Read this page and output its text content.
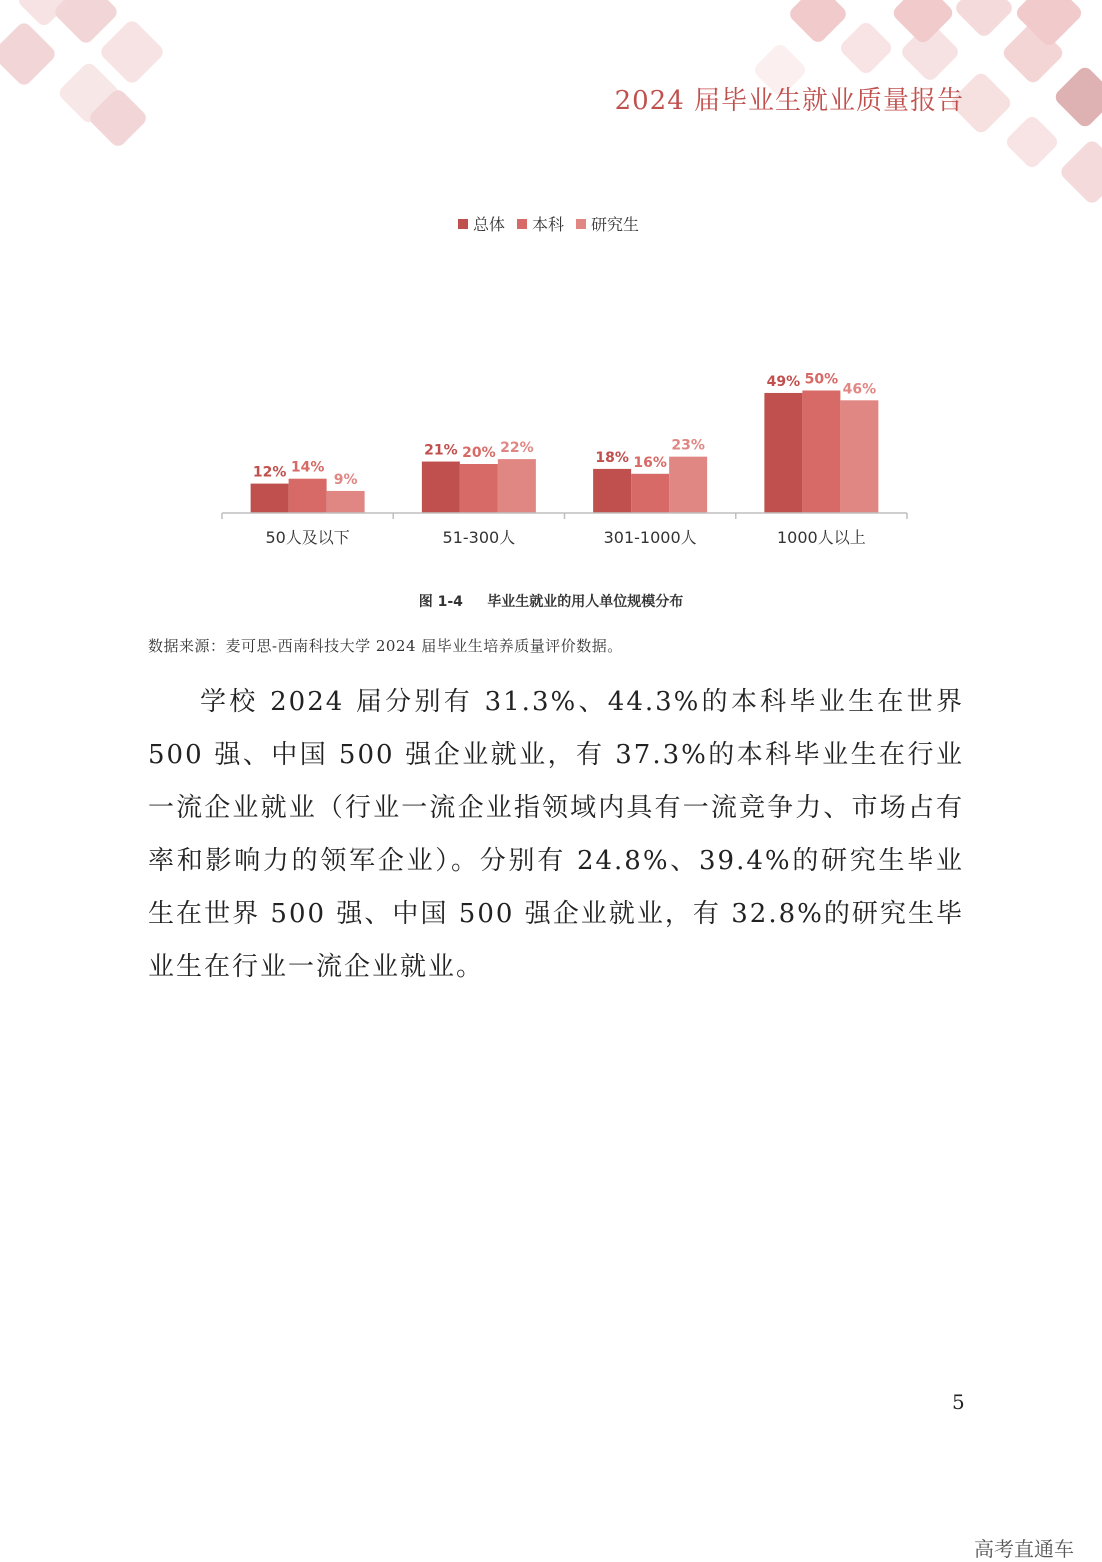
2024 届毕业生就业质量报告
总体 本科 研究生
12% 14%
9%
50人及以下
21% 20% 22%
51-300人
18% 16%
23%
301-1000人
49% 50%
46%
1000人以上
图 1-4     毕业生就业的用人单位规模分布
数据来源：麦可思-西南科技大学 2024 届毕业生培养质量评价数据。
学校 2024 届分别有 31.3%、44.3%的本科毕业生在世界 500 强、中国 500 强企业就业，有 37.3%的本科毕业生在行业一流企业就业（行业一流企业指领域内具有一流竞争力、市场占有率和影响力的领军企业）。分别有 24.8%、39.4%的研究生毕业生在世界 500 强、中国 500 强企业就业，有 32.8%的研究生毕业生在行业一流企业就业。
5
高考直通车
